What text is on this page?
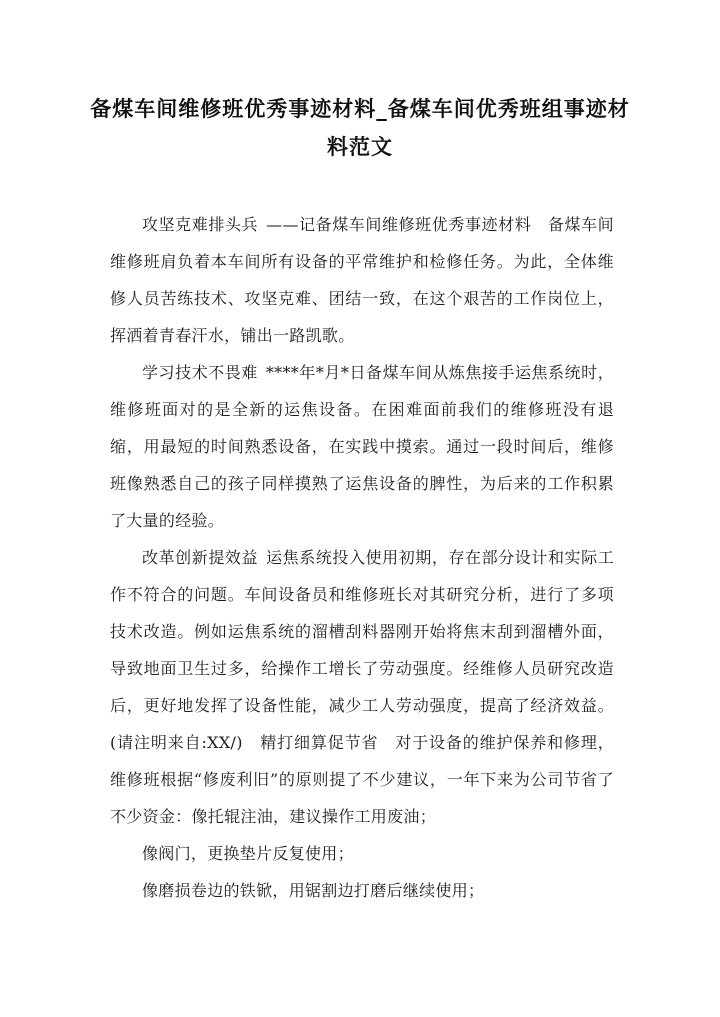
备煤车间维修班优秀事迹材料_备煤车间优秀班组事迹材料范文

攻坚克难排头兵 ——记备煤车间维修班优秀事迹材料　备煤车间维修班肩负着本车间所有设备的平常维护和检修任务。为此，全体维修人员苦练技术、攻坚克难、团结一致，在这个艰苦的工作岗位上，挥洒着青春汗水，铺出一路凯歌。

学习技术不畏难 ****年*月*日备煤车间从炼焦接手运焦系统时，维修班面对的是全新的运焦设备。在困难面前我们的维修班没有退缩，用最短的时间熟悉设备，在实践中摸索。通过一段时间后，维修班像熟悉自己的孩子同样摸熟了运焦设备的脾性，为后来的工作积累了大量的经验。

改革创新提效益 运焦系统投入使用初期，存在部分设计和实际工作不符合的问题。车间设备员和维修班长对其研究分析，进行了多项技术改造。例如运焦系统的溜槽刮料器刚开始将焦末刮到溜槽外面，导致地面卫生过多，给操作工增长了劳动强度。经维修人员研究改造后，更好地发挥了设备性能，减少工人劳动强度，提高了经济效益。(请注明来自:XX/)　精打细算促节省　对于设备的维护保养和修理，维修班根据“修废利旧”的原则提了不少建议，一年下来为公司节省了不少资金：像托辊注油，建议操作工用废油；

像阀门，更换垫片反复使用；

像磨损卷边的铁锨，用锯割边打磨后继续使用；
